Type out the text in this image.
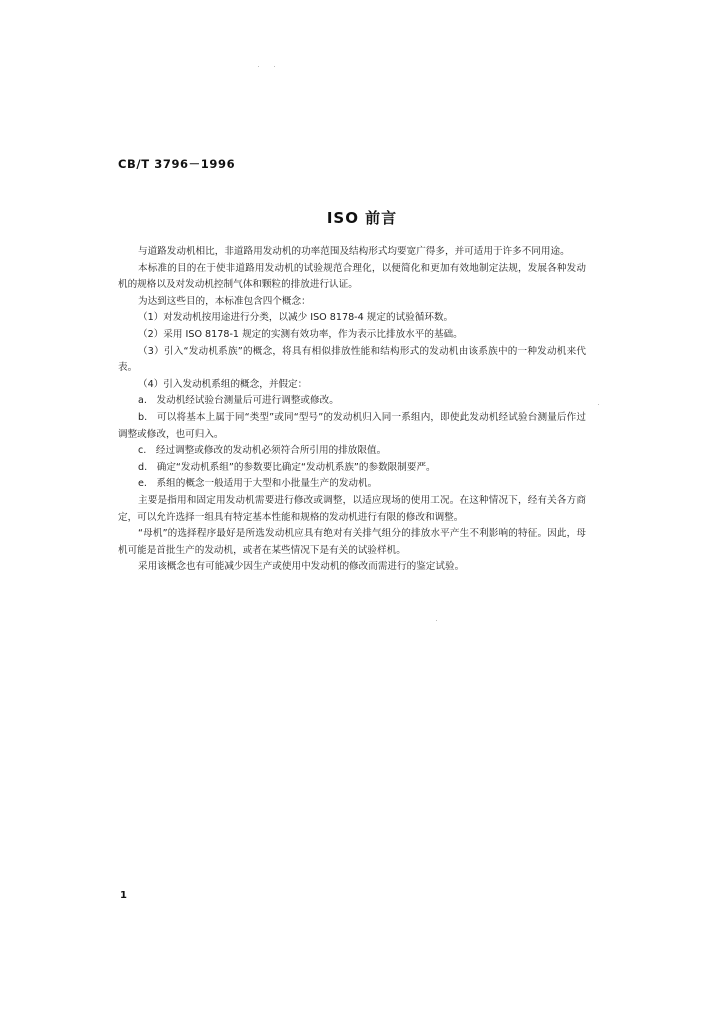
CB/T 3796－1996
ISO 前言

与道路发动机相比，非道路用发动机的功率范围及结构形式均要宽广得多，并可适用于许多不同用途。

本标准的目的在于使非道路用发动机的试验规范合理化，以便简化和更加有效地制定法规，发展各种发动机的规格以及对发动机控制气体和颗粒的排放进行认证。

为达到这些目的，本标准包含四个概念：

（1）对发动机按用途进行分类，以减少 ISO 8178-4 规定的试验循环数。

（2）采用 ISO 8178-1 规定的实测有效功率，作为表示比排放水平的基础。

（3）引入“发动机系族”的概念，将具有相似排放性能和结构形式的发动机由该系族中的一种发动机来代表。

（4）引入发动机系组的概念，并假定：

a.　发动机经试验台测量后可进行调整或修改。

b.　可以将基本上属于同“类型”或同“型号”的发动机归入同一系组内，即使此发动机经试验台测量后作过调整或修改，也可归入。

c.　经过调整或修改的发动机必须符合所引用的排放限值。

d.　确定“发动机系组”的参数要比确定“发动机系族”的参数限制要严。

e.　系组的概念一般适用于大型和小批量生产的发动机。

主要是指用和固定用发动机需要进行修改或调整，以适应现场的使用工况。在这种情况下，经有关各方商定，可以允许选择一组具有特定基本性能和规格的发动机进行有限的修改和调整。

“母机”的选择程序最好是所选发动机应具有绝对有关排气组分的排放水平产生不利影响的特征。因此，母机可能是首批生产的发动机，或者在某些情况下是有关的试验样机。

采用该概念也有可能减少因生产或使用中发动机的修改而需进行的鉴定试验。

1
